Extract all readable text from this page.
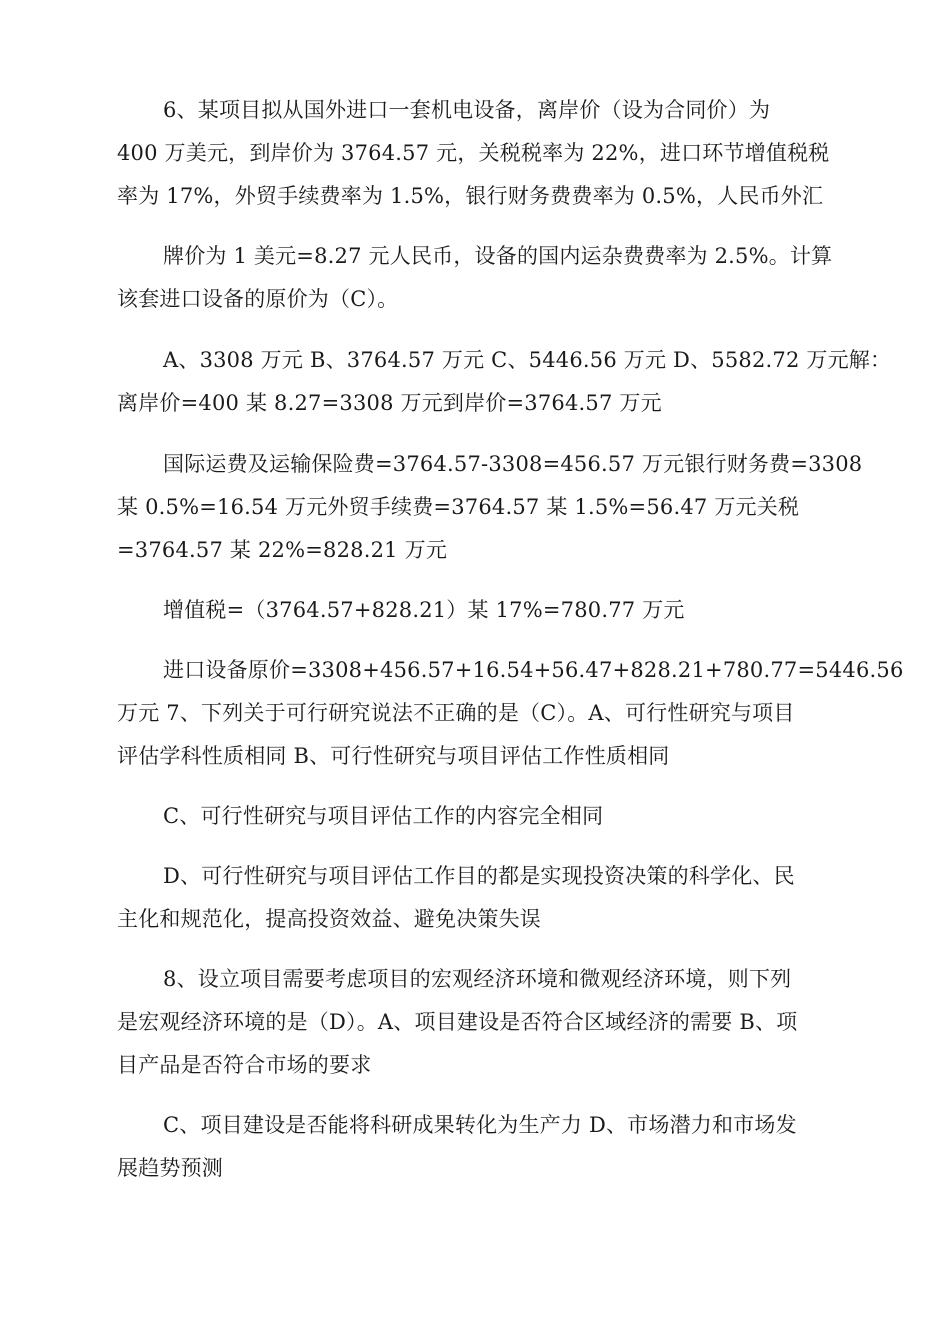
6、某项目拟从国外进口一套机电设备，离岸价（设为合同价）为
400 万美元，到岸价为 3764.57 元，关税税率为 22%，进口环节增值税税
率为 17%，外贸手续费率为 1.5%，银行财务费费率为 0.5%，人民币外汇
牌价为 1 美元=8.27 元人民币，设备的国内运杂费费率为 2.5%。计算
该套进口设备的原价为（C）。
A、3308 万元 B、3764.57 万元 C、5446.56 万元 D、5582.72 万元解：
离岸价=400 某 8.27=3308 万元到岸价=3764.57 万元
国际运费及运输保险费=3764.57-3308=456.57 万元银行财务费=3308
某 0.5%=16.54 万元外贸手续费=3764.57 某 1.5%=56.47 万元关税
=3764.57 某 22%=828.21 万元
增值税=（3764.57+828.21）某 17%=780.77 万元
进口设备原价=3308+456.57+16.54+56.47+828.21+780.77=5446.56
万元 7、下列关于可行研究说法不正确的是（C）。A、可行性研究与项目
评估学科性质相同 B、可行性研究与项目评估工作性质相同
C、可行性研究与项目评估工作的内容完全相同
D、可行性研究与项目评估工作目的都是实现投资决策的科学化、民
主化和规范化，提高投资效益、避免决策失误
8、设立项目需要考虑项目的宏观经济环境和微观经济环境，则下列
是宏观经济环境的是（D）。A、项目建设是否符合区域经济的需要 B、项
目产品是否符合市场的要求
C、项目建设是否能将科研成果转化为生产力 D、市场潜力和市场发
展趋势预测
